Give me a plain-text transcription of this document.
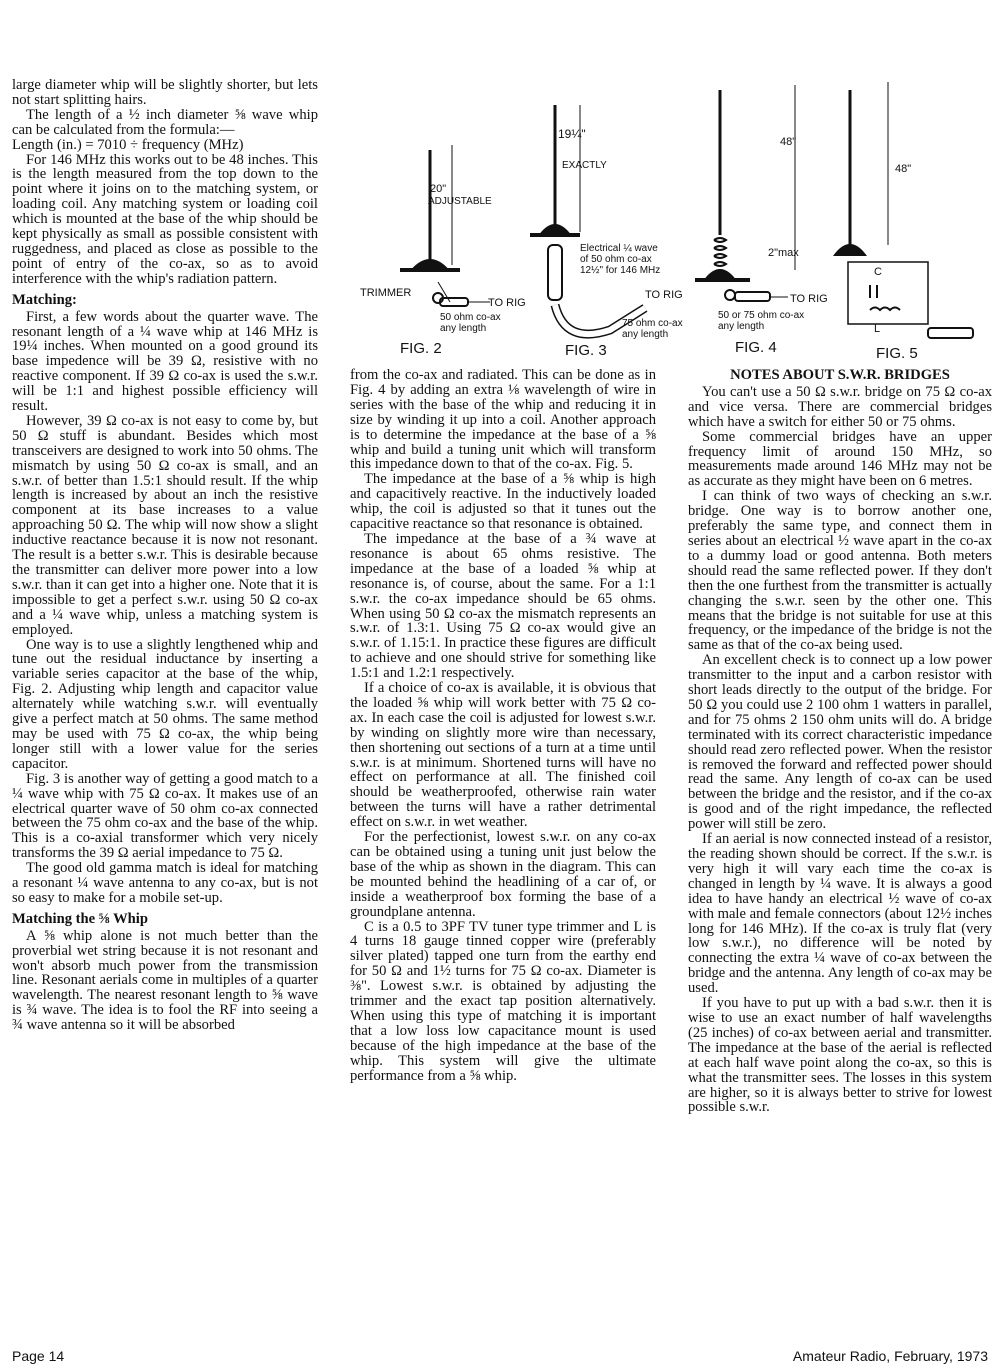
20"
ADJUSTABLE
TRIMMER
TO RIG
50 ohm co-ax
any length
FIG. 2
19¼"
EXACTLY
Electrical ¼ wave
of 50 ohm co-ax
12½" for 146 MHz
TO RIG
75 ohm co-ax
any length
FIG. 3
48"
2"max
TO RIG
50 or 75 ohm co-ax
any length
FIG. 4
48"
C
L
FIG. 5

large diameter whip will be slightly shorter, but lets not start splitting hairs.

The length of a ½ inch diameter ⅝ wave whip can be calculated from the formula:—

Length (in.) = 7010 ÷ frequency (MHz)

For 146 MHz this works out to be 48 inches. This is the length measured from the top down to the point where it joins on to the matching system, or loading coil. Any matching system or loading coil which is mounted at the base of the whip should be kept physically as small as possible consistent with ruggedness, and placed as close as possible to the point of entry of the co-ax, so as to avoid interference with the whip's radiation pattern.

Matching:

First, a few words about the quarter wave. The resonant length of a ¼ wave whip at 146 MHz is 19¼ inches. When mounted on a good ground its base impedence will be 39 Ω, resistive with no reactive component. If 39 Ω co-ax is used the s.w.r. will be 1:1 and highest possible efficiency will result.

However, 39 Ω co-ax is not easy to come by, but 50 Ω stuff is abundant. Besides which most transceivers are designed to work into 50 ohms. The mismatch by using 50 Ω co-ax is small, and an s.w.r. of better than 1.5:1 should result. If the whip length is increased by about an inch the resistive component at its base increases to a value approaching 50 Ω. The whip will now show a slight inductive reactance because it is now not resonant. The result is a better s.w.r. This is desirable because the transmitter can deliver more power into a low s.w.r. than it can get into a higher one. Note that it is impossible to get a perfect s.w.r. using 50 Ω co-ax and a ¼ wave whip, unless a matching system is employed.

One way is to use a slightly lengthened whip and tune out the residual inductance by inserting a variable series capacitor at the base of the whip, Fig. 2. Adjusting whip length and capacitor value alternately while watching s.w.r. will eventually give a perfect match at 50 ohms. The same method may be used with 75 Ω co-ax, the whip being longer still with a lower value for the series capacitor.

Fig. 3 is another way of getting a good match to a ¼ wave whip with 75 Ω co-ax. It makes use of an electrical quarter wave of 50 ohm co-ax connected between the 75 ohm co-ax and the base of the whip. This is a co-axial transformer which very nicely transforms the 39 Ω aerial impedance to 75 Ω.

The good old gamma match is ideal for matching a resonant ¼ wave antenna to any co-ax, but is not so easy to make for a mobile set-up.

Matching the ⅝ Whip

A ⅝ whip alone is not much better than the proverbial wet string because it is not resonant and won't absorb much power from the transmission line. Resonant aerials come in multiples of a quarter wavelength. The nearest resonant length to ⅝ wave is ¾ wave. The idea is to fool the RF into seeing a ¾ wave antenna so it will be absorbed

from the co-ax and radiated. This can be done as in Fig. 4 by adding an extra ⅛ wavelength of wire in series with the base of the whip and reducing it in size by winding it up into a coil. Another approach is to determine the impedance at the base of a ⅝ whip and build a tuning unit which will transform this impedance down to that of the co-ax. Fig. 5.

The impedance at the base of a ⅝ whip is high and capacitively reactive. In the inductively loaded whip, the coil is adjusted so that it tunes out the capacitive reactance so that resonance is obtained.

The impedance at the base of a ¾ wave at resonance is about 65 ohms resistive. The impedance at the base of a loaded ⅝ whip at resonance is, of course, about the same. For a 1:1 s.w.r. the co-ax impedance should be 65 ohms. When using 50 Ω co-ax the mismatch represents an s.w.r. of 1.3:1. Using 75 Ω co-ax would give an s.w.r. of 1.15:1. In practice these figures are difficult to achieve and one should strive for something like 1.5:1 and 1.2:1 respectively.

If a choice of co-ax is available, it is obvious that the loaded ⅝ whip will work better with 75 Ω co-ax. In each case the coil is adjusted for lowest s.w.r. by winding on slightly more wire than necessary, then shortening out sections of a turn at a time until s.w.r. is at minimum. Shortened turns will have no effect on performance at all. The finished coil should be weatherproofed, otherwise rain water between the turns will have a rather detrimental effect on s.w.r. in wet weather.

For the perfectionist, lowest s.w.r. on any co-ax can be obtained using a tuning unit just below the base of the whip as shown in the diagram. This can be mounted behind the headlining of a car of, or inside a weatherproof box forming the base of a groundplane antenna.

C is a 0.5 to 3PF TV tuner type trimmer and L is 4 turns 18 gauge tinned copper wire (preferably silver plated) tapped one turn from the earthy end for 50 Ω and 1½ turns for 75 Ω co-ax. Diameter is ⅜". Lowest s.w.r. is obtained by adjusting the trimmer and the exact tap position alternatively. When using this type of matching it is important that a low loss low capacitance mount is used because of the high impedance at the base of the whip. This system will give the ultimate performance from a ⅝ whip.

NOTES ABOUT S.W.R. BRIDGES

You can't use a 50 Ω s.w.r. bridge on 75 Ω co-ax and vice versa. There are commercial bridges which have a switch for either 50 or 75 ohms.

Some commercial bridges have an upper frequency limit of around 150 MHz, so measurements made around 146 MHz may not be as accurate as they might have been on 6 metres.

I can think of two ways of checking an s.w.r. bridge. One way is to borrow another one, preferably the same type, and connect them in series about an electrical ½ wave apart in the co-ax to a dummy load or good antenna. Both meters should read the same reflected power. If they don't then the one furthest from the transmitter is actually changing the s.w.r. seen by the other one. This means that the bridge is not suitable for use at this frequency, or the impedance of the bridge is not the same as that of the co-ax being used.

An excellent check is to connect up a low power transmitter to the input and a carbon resistor with short leads directly to the output of the bridge. For 50 Ω you could use 2 100 ohm 1 watters in parallel, and for 75 ohms 2 150 ohm units will do. A bridge terminated with its correct characteristic impedance should read zero reflected power. When the resistor is removed the forward and reffected power should read the same. Any length of co-ax can be used between the bridge and the resistor, and if the co-ax is good and of the right impedance, the reflected power will still be zero.

If an aerial is now connected instead of a resistor, the reading shown should be correct. If the s.w.r. is very high it will vary each time the co-ax is changed in length by ¼ wave. It is always a good idea to have handy an electrical ½ wave of co-ax with male and female connectors (about 12½ inches long for 146 MHz). If the co-ax is truly flat (very low s.w.r.), no difference will be noted by connecting the extra ¼ wave of co-ax between the bridge and the antenna. Any length of co-ax may be used.

If you have to put up with a bad s.w.r. then it is wise to use an exact number of half wavelengths (25 inches) of co-ax between aerial and transmitter. The impedance at the base of the aerial is reflected at each half wave point along the co-ax, so this is what the transmitter sees. The losses in this system are higher, so it is always better to strive for lowest possible s.w.r.

Page 14	Amateur Radio, February, 1973
